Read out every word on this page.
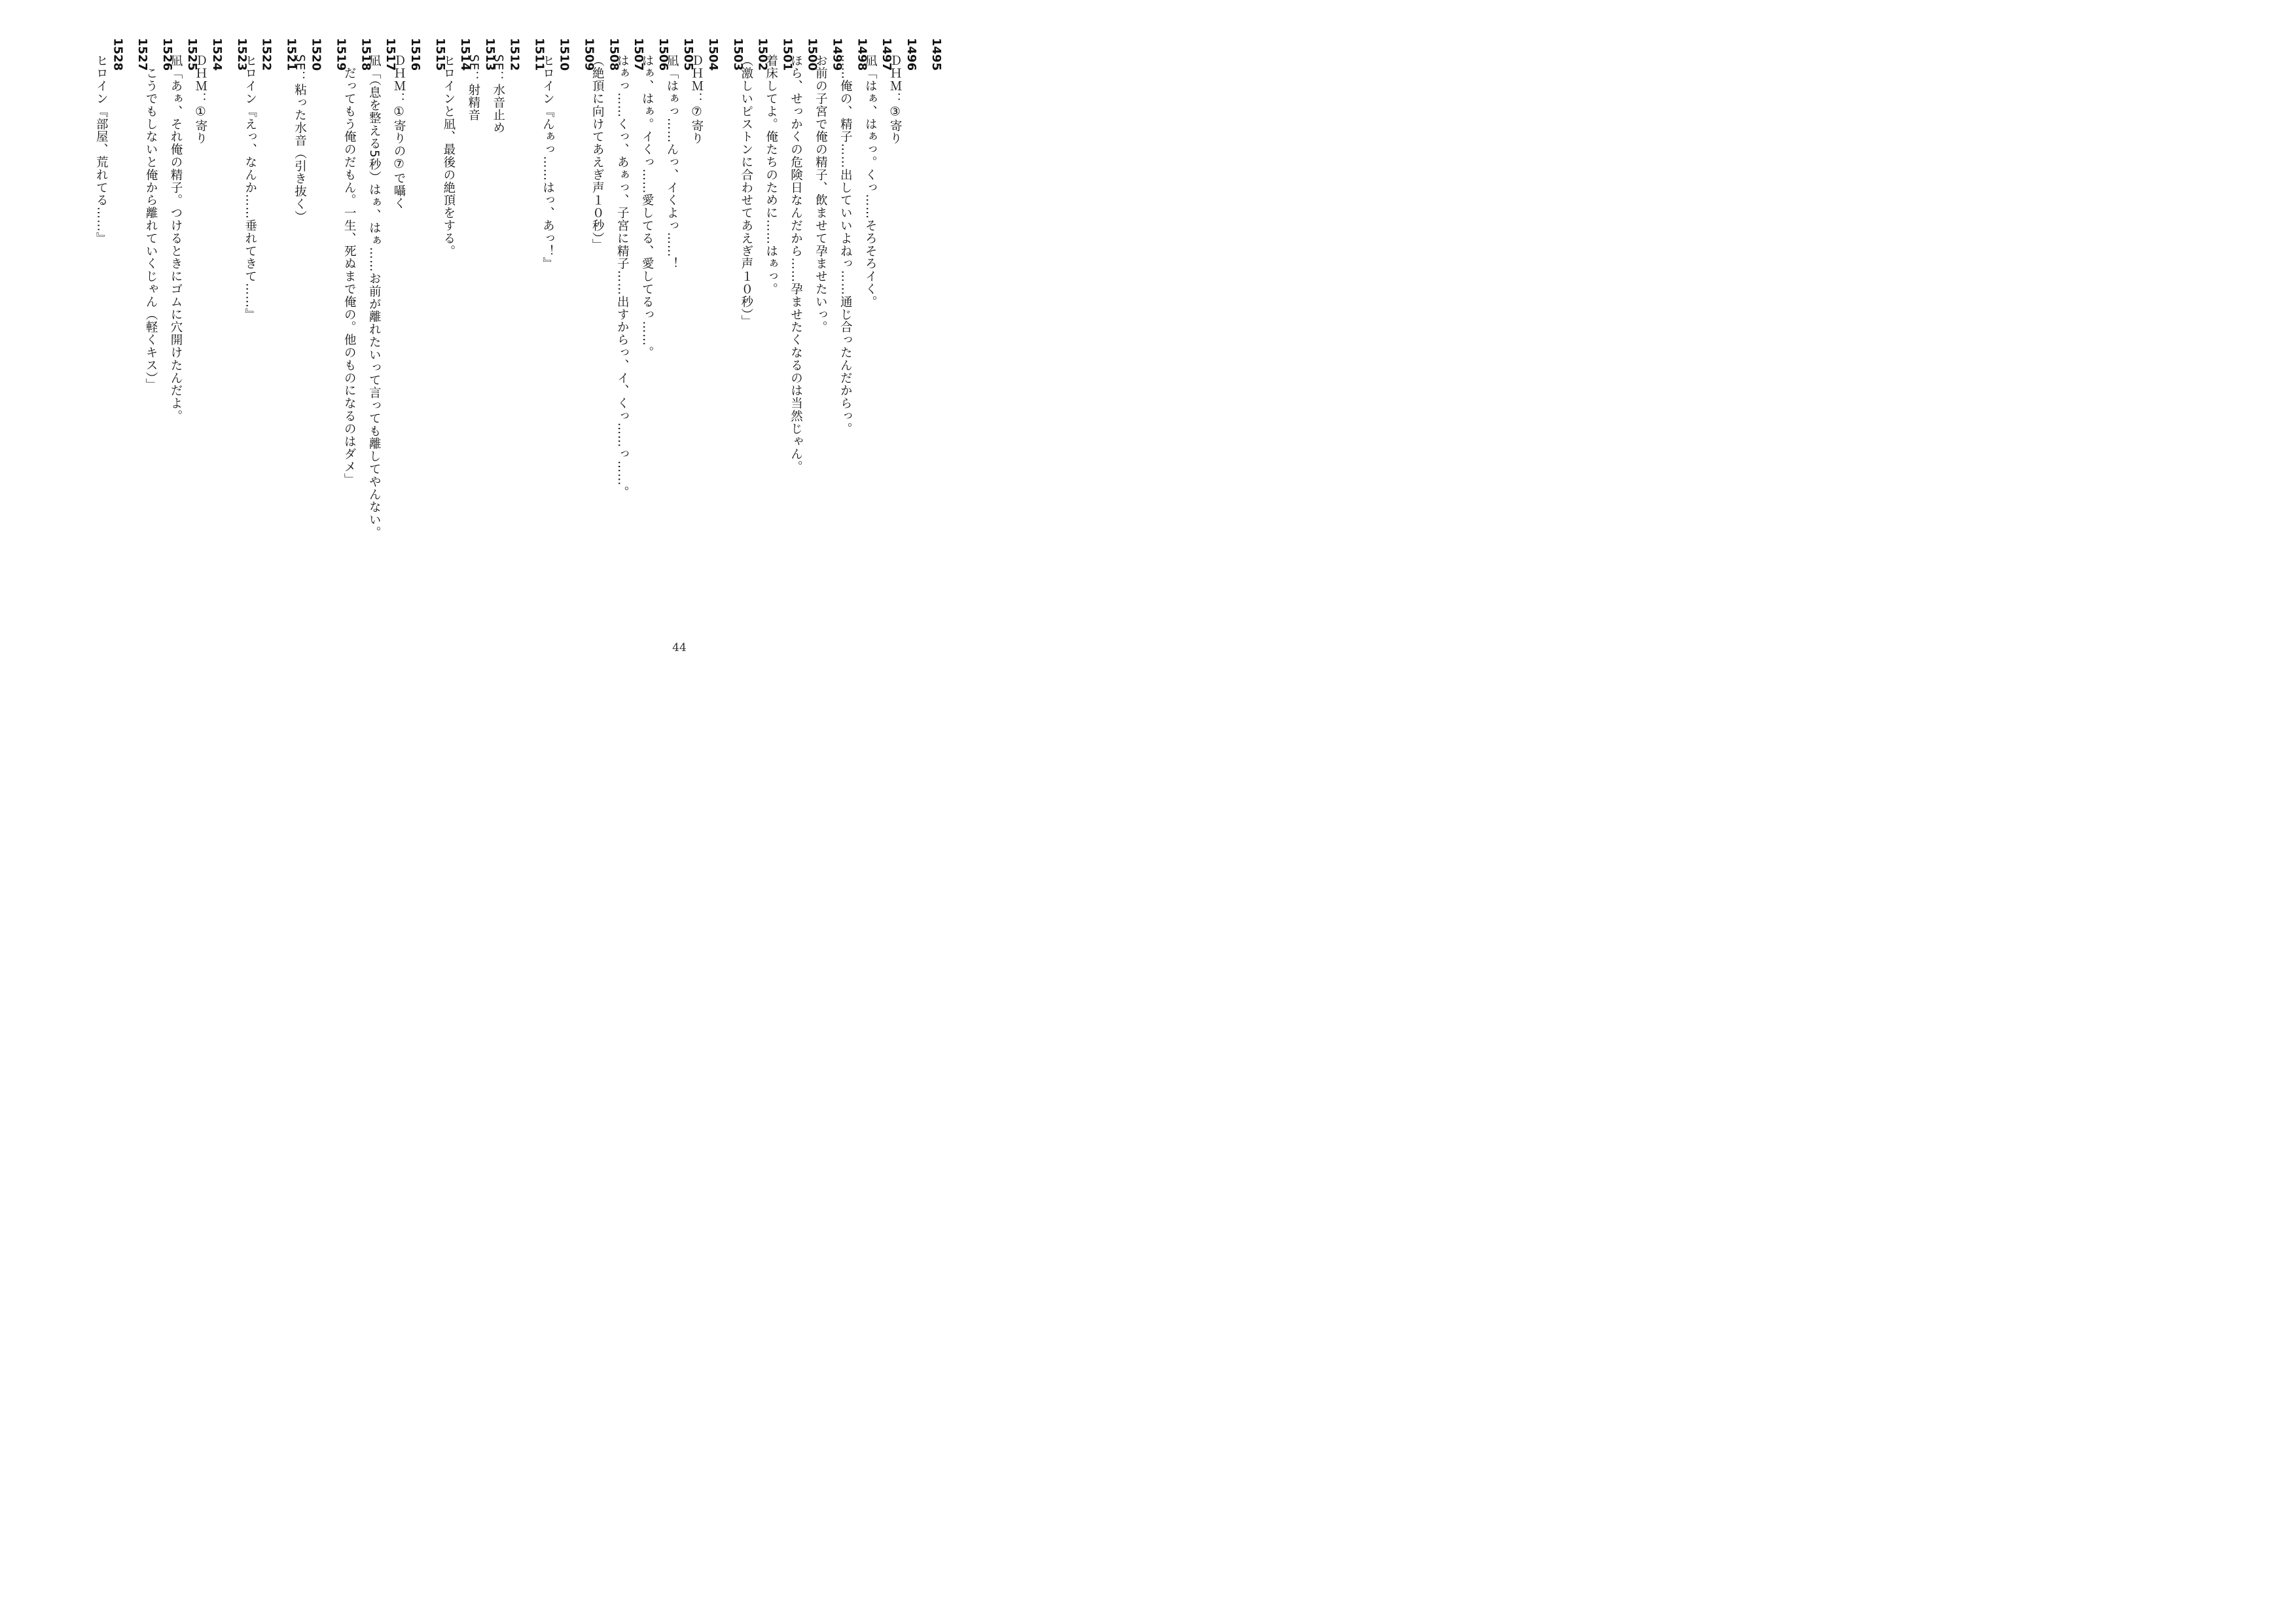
1495
1496
ＤＨＭ：③寄り
1497
凪「はぁ、はぁっ。くっ……そろそろイく。
1498
……俺の、精子……出していいよねっ……通じ合ったんだからっ。
1499
お前の子宮で俺の精子、飲ませて孕ませたいっ。
1500
ほら、せっかくの危険日なんだから……孕ませたくなるのは当然じゃん。
1501
着床してよ。俺たちのために……はぁっ。
1502
（激しいピストンに合わせてあえぎ声１０秒）」
1503
1504
ＤＨＭ：⑦寄り
1505
凪「はぁっ……んっ、イくよっ……！
1506
はぁ、はぁ。イくっ……愛してる、愛してるっ……。
1507
はぁっ……くっ、あぁっ、子宮に精子……出すからっ、イ、くっ……っ……。
1508
（絶頂に向けてあえぎ声１０秒）」
1509
1510
ヒロイン『んぁっ……はっ、あっ！』
1511
1512
SE：水音止め
1513
SE：射精音
1514
ヒロインと凪、最後の絶頂をする。
1515
1516
ＤＨＭ：①寄りの⑦で囁く
1517
凪「（息を整える5秒）はぁ、はぁ……お前が離れたいって言っても離してやんない。
1518
　だってもう俺のだもん。一生、死ぬまで俺の。他のものになるのはダメ」
1519
1520
SE：粘った水音（引き抜く）
1521
1522
ヒロイン『えっ、なんか……垂れてきて……』
1523
1524
ＤＨＭ：①寄り
1525
凪「あぁ、それ俺の精子。つけるときにゴムに穴開けたんだよ。
1526
　こうでもしないと俺から離れていくじゃん（軽くキス）」
1527
1528
ヒロイン『部屋、荒れてる……』
44
